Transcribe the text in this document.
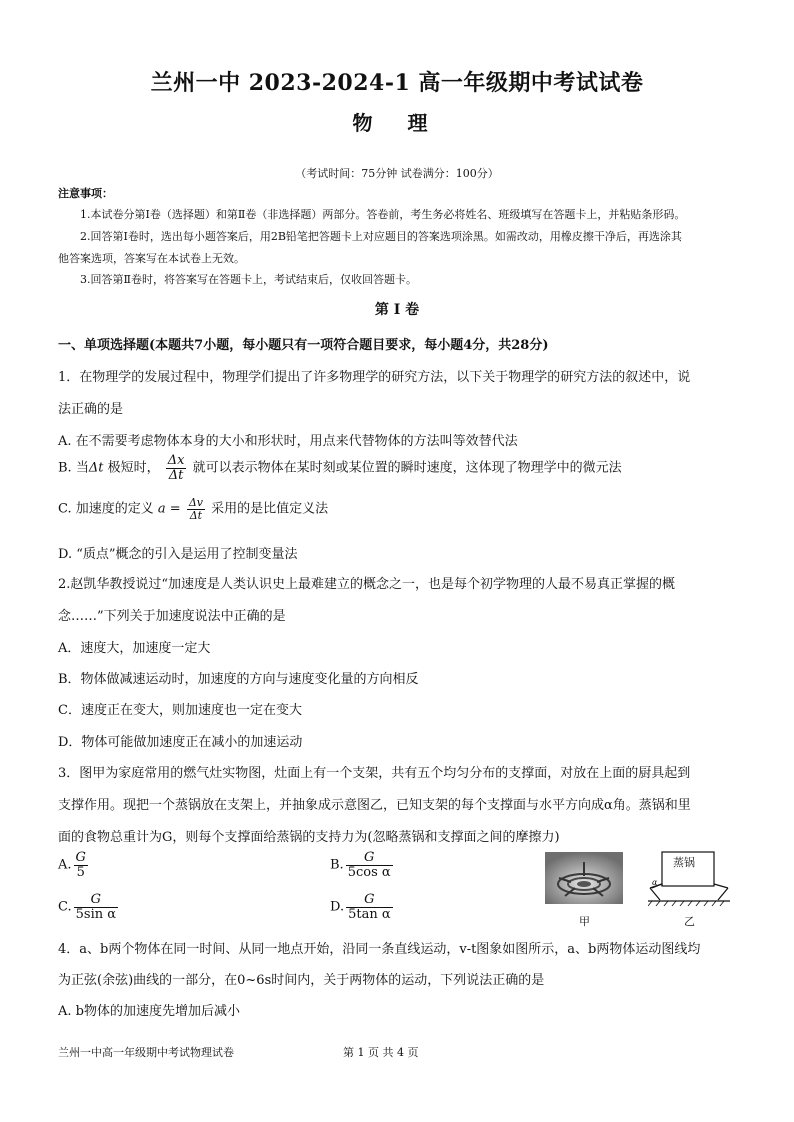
兰州一中 2023-2024-1 高一年级期中考试试卷
物 理
（考试时间：75分钟 试卷满分：100分）
注意事项：
1.本试卷分第Ⅰ卷（选择题）和第Ⅱ卷（非选择题）两部分。答卷前，考生务必将姓名、班级填写在答题卡上，并粘贴条形码。
2.回答第Ⅰ卷时，选出每小题答案后，用2B铅笔把答题卡上对应题目的答案选项涂黑。如需改动，用橡皮擦干净后，再选涂其
他答案选项，答案写在本试卷上无效。
3.回答第Ⅱ卷时，将答案写在答题卡上，考试结束后，仅收回答题卡。
第 Ⅰ 卷
一、单项选择题(本题共7小题，每小题只有一项符合题目要求，每小题4分，共28分)
1．在物理学的发展过程中，物理学们提出了许多物理学的研究方法，以下关于物理学的研究方法的叙述中，说
法正确的是
A. 在不需要考虑物体本身的大小和形状时，用点来代替物体的方法叫等效替代法
B. 当Δt 极短时， $\frac{\Delta x}{\Delta t}$ 就可以表示物体在某时刻或某位置的瞬时速度，这体现了物理学中的微元法
C. 加速度的定义 $a = \frac{\Delta v}{\Delta t}$ 采用的是比值定义法
D. “质点”概念的引入是运用了控制变量法
2.赵凯华教授说过“加速度是人类认识史上最难建立的概念之一，也是每个初学物理的人最不易真正掌握的概
念……”下列关于加速度说法中正确的是
A．速度大，加速度一定大
B．物体做减速运动时，加速度的方向与速度变化量的方向相反
C．速度正在变大，则加速度也一定在变大
D．物体可能做加速度正在减小的加速运动
3．图甲为家庭常用的燃气灶实物图，灶面上有一个支架，共有五个均匀分布的支撑面，对放在上面的厨具起到
支撑作用。现把一个蒸锅放在支架上，并抽象成示意图乙，已知支架的每个支撑面与水平方向成α角。蒸锅和里
面的食物总重计为G，则每个支撑面给蒸锅的支持力为(忽略蒸锅和支撑面之间的摩擦力)
A. $\frac{G}{5}$	B. $\frac{G}{\text{5cos α}}$
C. $\frac{G}{\text{5sin α}}$	D. $\frac{G}{\text{5tan α}}$
甲
蒸锅
α
乙
4．a、b两个物体在同一时间、从同一地点开始，沿同一条直线运动，v-t图象如图所示，a、b两物体运动图线均
为正弦(余弦)曲线的一部分，在0~6s时间内，关于两物体的运动，下列说法正确的是
A. b物体的加速度先增加后减小
兰州一中高一年级期中考试物理试卷	第 1 页 共 4 页
